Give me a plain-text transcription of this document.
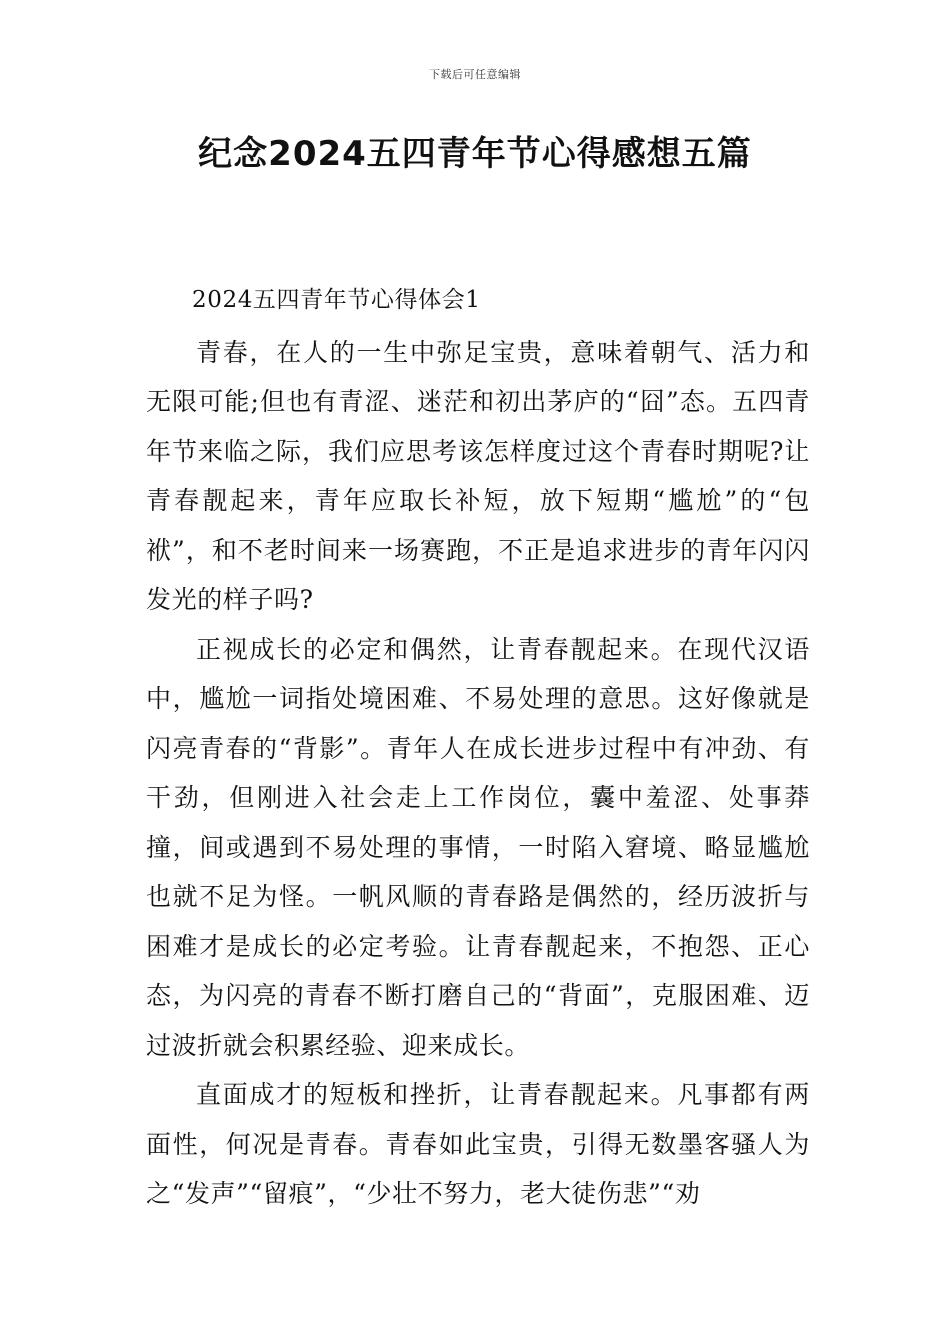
下载后可任意编辑
纪念2024五四青年节心得感想五篇

2024五四青年节心得体会1

青春，在人的一生中弥足宝贵，意味着朝气、活力和无限可能;但也有青涩、迷茫和初出茅庐的“囧”态。五四青年节来临之际，我们应思考该怎样度过这个青春时期呢?让青春靓起来，青年应取长补短，放下短期“尴尬”的“包袱”，和不老时间来一场赛跑，不正是追求进步的青年闪闪发光的样子吗?

正视成长的必定和偶然，让青春靓起来。在现代汉语中，尴尬一词指处境困难、不易处理的意思。这好像就是闪亮青春的“背影”。青年人在成长进步过程中有冲劲、有干劲，但刚进入社会走上工作岗位，囊中羞涩、处事莽撞，间或遇到不易处理的事情，一时陷入窘境、略显尴尬也就不足为怪。一帆风顺的青春路是偶然的，经历波折与困难才是成长的必定考验。让青春靓起来，不抱怨、正心态，为闪亮的青春不断打磨自己的“背面”，克服困难、迈过波折就会积累经验、迎来成长。

直面成才的短板和挫折，让青春靓起来。凡事都有两面性，何况是青春。青春如此宝贵，引得无数墨客骚人为之“发声”“留痕”，“少壮不努力，老大徒伤悲”“劝
